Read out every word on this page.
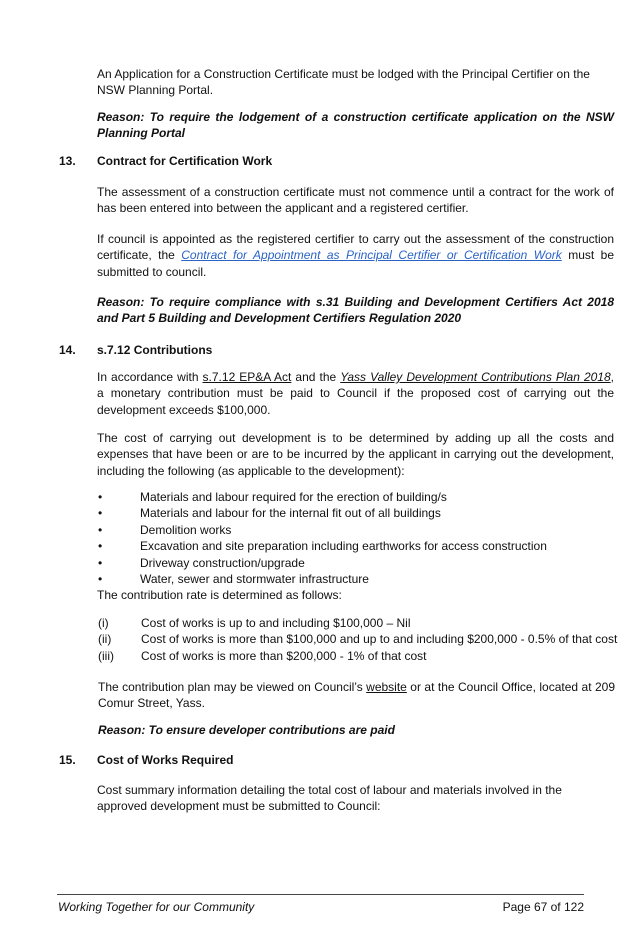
An Application for a Construction Certificate must be lodged with the Principal Certifier on the NSW Planning Portal.

Reason: To require the lodgement of a construction certificate application on the NSW Planning Portal

13. Contract for Certification Work

The assessment of a construction certificate must not commence until a contract for the work of has been entered into between the applicant and a registered certifier.

If council is appointed as the registered certifier to carry out the assessment of the construction certificate, the Contract for Appointment as Principal Certifier or Certification Work must be submitted to council.

Reason: To require compliance with s.31 Building and Development Certifiers Act 2018 and Part 5 Building and Development Certifiers Regulation 2020

14. s.7.12 Contributions

In accordance with s.7.12 EP&A Act and the Yass Valley Development Contributions Plan 2018, a monetary contribution must be paid to Council if the proposed cost of carrying out the development exceeds $100,000.

The cost of carrying out development is to be determined by adding up all the costs and expenses that have been or are to be incurred by the applicant in carrying out the development, including the following (as applicable to the development):

•	Materials and labour required for the erection of building/s
•	Materials and labour for the internal fit out of all buildings
•	Demolition works
•	Excavation and site preparation including earthworks for access construction
•	Driveway construction/upgrade
•	Water, sewer and stormwater infrastructure

The contribution rate is determined as follows:

(i)	Cost of works is up to and including $100,000 – Nil
(ii) Cost of works is more than $100,000 and up to and including $200,000 - 0.5% of that cost
(iii) Cost of works is more than $200,000 - 1% of that cost

The contribution plan may be viewed on Council’s website or at the Council Office, located at 209 Comur Street, Yass.

Reason: To ensure developer contributions are paid

15. Cost of Works Required

Cost summary information detailing the total cost of labour and materials involved in the approved development must be submitted to Council:

Working Together for our Community	Page 67 of 122
